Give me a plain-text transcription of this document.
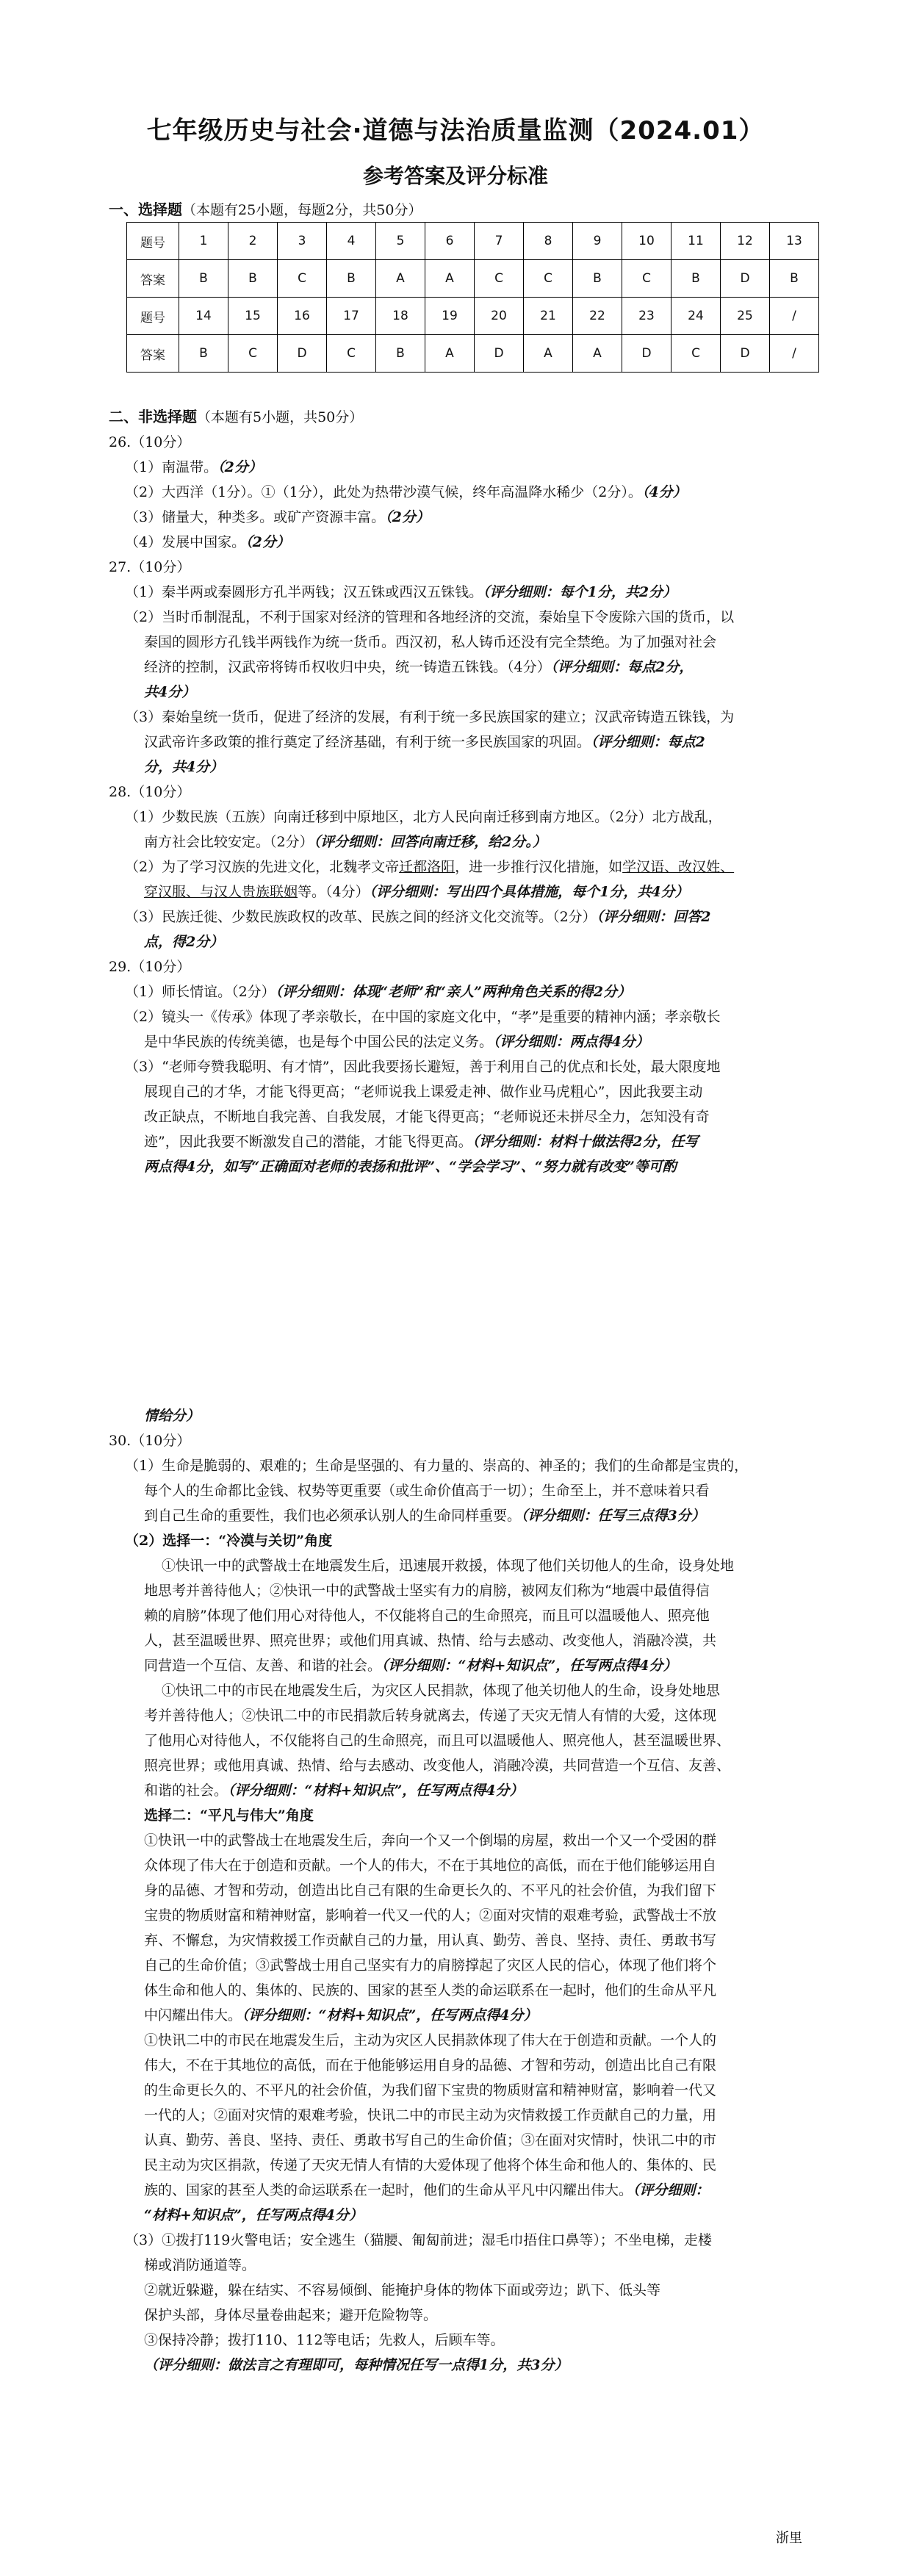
七年级历史与社会·道德与法治质量监测（2024.01）
参考答案及评分标准
一、选择题（本题有25小题，每题2分，共50分）
题号	1	2	3	4	5	6	7	8	9	10	11	12	13
答案	B	B	C	B	A	A	C	C	B	C	B	D	B
题号	14	15	16	17	18	19	20	21	22	23	24	25	/
答案	B	C	D	C	B	A	D	A	A	D	C	D	/
二、非选择题（本题有5小题，共50分）
26.（10分）
（1）南温带。（2分）
（2）大西洋（1分）。①（1分），此处为热带沙漠气候，终年高温降水稀少（2分）。（4分）
（3）储量大，种类多。或矿产资源丰富。（2分）
（4）发展中国家。（2分）
27.（10分）
（1）秦半两或秦圆形方孔半两钱；汉五铢或西汉五铢钱。（评分细则：每个1分，共2分）
（2）当时币制混乱，不利于国家对经济的管理和各地经济的交流，秦始皇下令废除六国的货币，以
秦国的圆形方孔钱半两钱作为统一货币。西汉初，私人铸币还没有完全禁绝。为了加强对社会
经济的控制，汉武帝将铸币权收归中央，统一铸造五铢钱。（4分）（评分细则：每点2分，
共4分）
（3）秦始皇统一货币，促进了经济的发展，有利于统一多民族国家的建立；汉武帝铸造五铢钱，为
汉武帝许多政策的推行奠定了经济基础，有利于统一多民族国家的巩固。（评分细则：每点2
分，共4分）
28.（10分）
（1）少数民族（五族）向南迁移到中原地区，北方人民向南迁移到南方地区。（2分）北方战乱，
南方社会比较安定。（2分）（评分细则：回答向南迁移，给2分。）
（2）为了学习汉族的先进文化，北魏孝文帝迁都洛阳，进一步推行汉化措施，如学汉语、改汉姓、
穿汉服、与汉人贵族联姻等。（4分）（评分细则：写出四个具体措施，每个1分，共4分）
（3）民族迁徙、少数民族政权的改革、民族之间的经济文化交流等。（2分）（评分细则：回答2
点，得2分）
29.（10分）
（1）师长情谊。（2分）（评分细则：体现“老师”和“亲人”两种角色关系的得2分）
（2）镜头一《传承》体现了孝亲敬长，在中国的家庭文化中，“孝”是重要的精神内涵；孝亲敬长
是中华民族的传统美德，也是每个中国公民的法定义务。（评分细则：两点得4分）
（3）“老师夸赞我聪明、有才情”，因此我要扬长避短，善于利用自己的优点和长处，最大限度地
展现自己的才华，才能飞得更高；“老师说我上课爱走神、做作业马虎粗心”，因此我要主动
改正缺点，不断地自我完善、自我发展，才能飞得更高；“老师说还未拼尽全力，怎知没有奇
迹”，因此我要不断激发自己的潜能，才能飞得更高。（评分细则：材料十做法得2分，任写
两点得4分，如写“正确面对老师的表扬和批评”、“学会学习”、“努力就有改变”等可酌
情给分）
30.（10分）
（1）生命是脆弱的、艰难的；生命是坚强的、有力量的、崇高的、神圣的；我们的生命都是宝贵的，
每个人的生命都比金钱、权势等更重要（或生命价值高于一切）；生命至上，并不意味着只看
到自己生命的重要性，我们也必须承认别人的生命同样重要。（评分细则：任写三点得3分）
（2）选择一：“冷漠与关切”角度
①快讯一中的武警战士在地震发生后，迅速展开救援，体现了他们关切他人的生命，设身处地
地思考并善待他人；②快讯一中的武警战士坚实有力的肩膀，被网友们称为“地震中最值得信
赖的肩膀”体现了他们用心对待他人，不仅能将自己的生命照亮，而且可以温暖他人、照亮他
人，甚至温暖世界、照亮世界；或他们用真诚、热情、给与去感动、改变他人，消融冷漠，共
同营造一个互信、友善、和谐的社会。（评分细则：“材料+知识点”，任写两点得4分）
①快讯二中的市民在地震发生后，为灾区人民捐款，体现了他关切他人的生命，设身处地思
考并善待他人；②快讯二中的市民捐款后转身就离去，传递了天灾无情人有情的大爱，这体现
了他用心对待他人，不仅能将自己的生命照亮，而且可以温暖他人、照亮他人，甚至温暖世界、
照亮世界；或他用真诚、热情、给与去感动、改变他人，消融冷漠，共同营造一个互信、友善、
和谐的社会。（评分细则：“材料+知识点”，任写两点得4分）
选择二：“平凡与伟大”角度
①快讯一中的武警战士在地震发生后，奔向一个又一个倒塌的房屋，救出一个又一个受困的群
众体现了伟大在于创造和贡献。一个人的伟大，不在于其地位的高低，而在于他们能够运用自
身的品德、才智和劳动，创造出比自己有限的生命更长久的、不平凡的社会价值，为我们留下
宝贵的物质财富和精神财富，影响着一代又一代的人；②面对灾情的艰难考验，武警战士不放
弃、不懈怠，为灾情救援工作贡献自己的力量，用认真、勤劳、善良、坚持、责任、勇敢书写
自己的生命价值；③武警战士用自己坚实有力的肩膀撑起了灾区人民的信心，体现了他们将个
体生命和他人的、集体的、民族的、国家的甚至人类的命运联系在一起时，他们的生命从平凡
中闪耀出伟大。（评分细则：“材料+知识点”，任写两点得4分）
①快讯二中的市民在地震发生后，主动为灾区人民捐款体现了伟大在于创造和贡献。一个人的
伟大，不在于其地位的高低，而在于他能够运用自身的品德、才智和劳动，创造出比自己有限
的生命更长久的、不平凡的社会价值，为我们留下宝贵的物质财富和精神财富，影响着一代又
一代的人；②面对灾情的艰难考验，快讯二中的市民主动为灾情救援工作贡献自己的力量，用
认真、勤劳、善良、坚持、责任、勇敢书写自己的生命价值；③在面对灾情时，快讯二中的市
民主动为灾区捐款，传递了天灾无情人有情的大爱体现了他将个体生命和他人的、集体的、民
族的、国家的甚至人类的命运联系在一起时，他们的生命从平凡中闪耀出伟大。（评分细则：
“材料+知识点”，任写两点得4分）
（3）①拨打119火警电话；安全逃生（猫腰、匍匐前进；湿毛巾捂住口鼻等）；不坐电梯，走楼
梯或消防通道等。
②就近躲避，躲在结实、不容易倾倒、能掩护身体的物体下面或旁边；趴下、低头等
保护头部，身体尽量卷曲起来；避开危险物等。
③保持冷静；拨打110、112等电话；先救人，后顾车等。
（评分细则：做法言之有理即可，每种情况任写一点得1分，共3分）
浙里
